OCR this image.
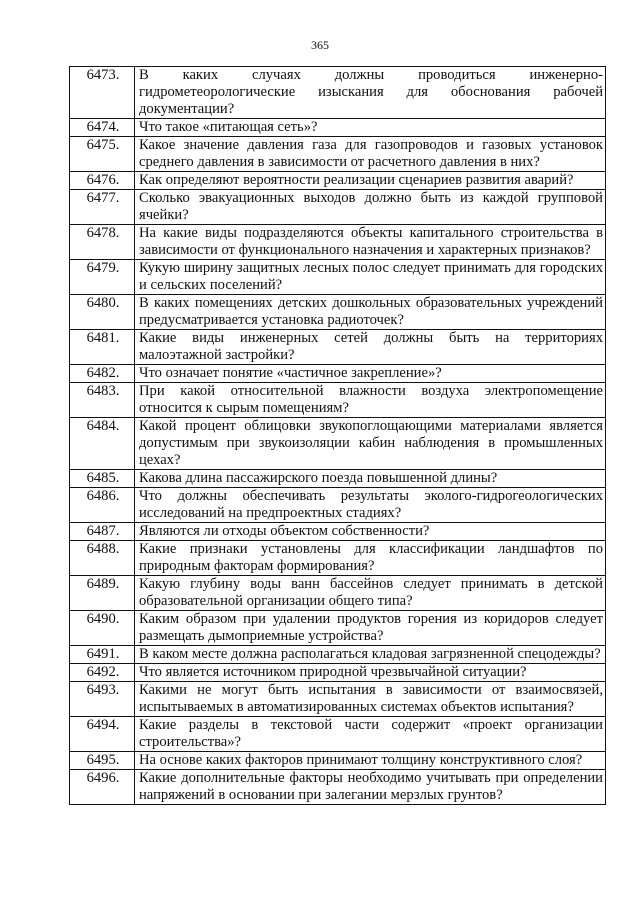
365
6473.	В каких случаях должны проводиться инженерно-гидрометеорологические изыскания для обоснования рабочей документации?
6474.	Что такое «питающая сеть»?
6475.	Какое значение давления газа для газопроводов и газовых установок среднего давления в зависимости от расчетного давления в них?
6476.	Как определяют вероятности реализации сценариев развития аварий?
6477.	Сколько эвакуационных выходов должно быть из каждой групповой ячейки?
6478.	На какие виды подразделяются объекты капитального строительства в зависимости от функционального назначения и характерных признаков?
6479.	Кукую ширину защитных лесных полос следует принимать для городских и сельских поселений?
6480.	В каких помещениях детских дошкольных образовательных учреждений предусматривается установка радиоточек?
6481.	Какие виды инженерных сетей должны быть на территориях малоэтажной застройки?
6482.	Что означает понятие «частичное закрепление»?
6483.	При какой относительной влажности воздуха электропомещение относится к сырым помещениям?
6484.	Какой процент облицовки звукопоглощающими материалами является допустимым при звукоизоляции кабин наблюдения в промышленных цехах?
6485.	Какова длина пассажирского поезда повышенной длины?
6486.	Что должны обеспечивать результаты эколого-гидрогеологических исследований на предпроектных стадиях?
6487.	Являются ли отходы объектом собственности?
6488.	Какие признаки установлены для классификации ландшафтов по природным факторам формирования?
6489.	Какую глубину воды ванн бассейнов следует принимать в детской образовательной организации общего типа?
6490.	Каким образом при удалении продуктов горения из коридоров следует размещать дымоприемные устройства?
6491.	В каком месте должна располагаться кладовая загрязненной спецодежды?
6492.	Что является источником природной чрезвычайной ситуации?
6493.	Какими не могут быть испытания в зависимости от взаимосвязей, испытываемых в автоматизированных системах объектов испытания?
6494.	Какие разделы в текстовой части содержит «проект организации строительства»?
6495.	На основе каких факторов принимают толщину конструктивного слоя?
6496.	Какие дополнительные факторы необходимо учитывать при определении напряжений в основании при залегании мерзлых грунтов?
